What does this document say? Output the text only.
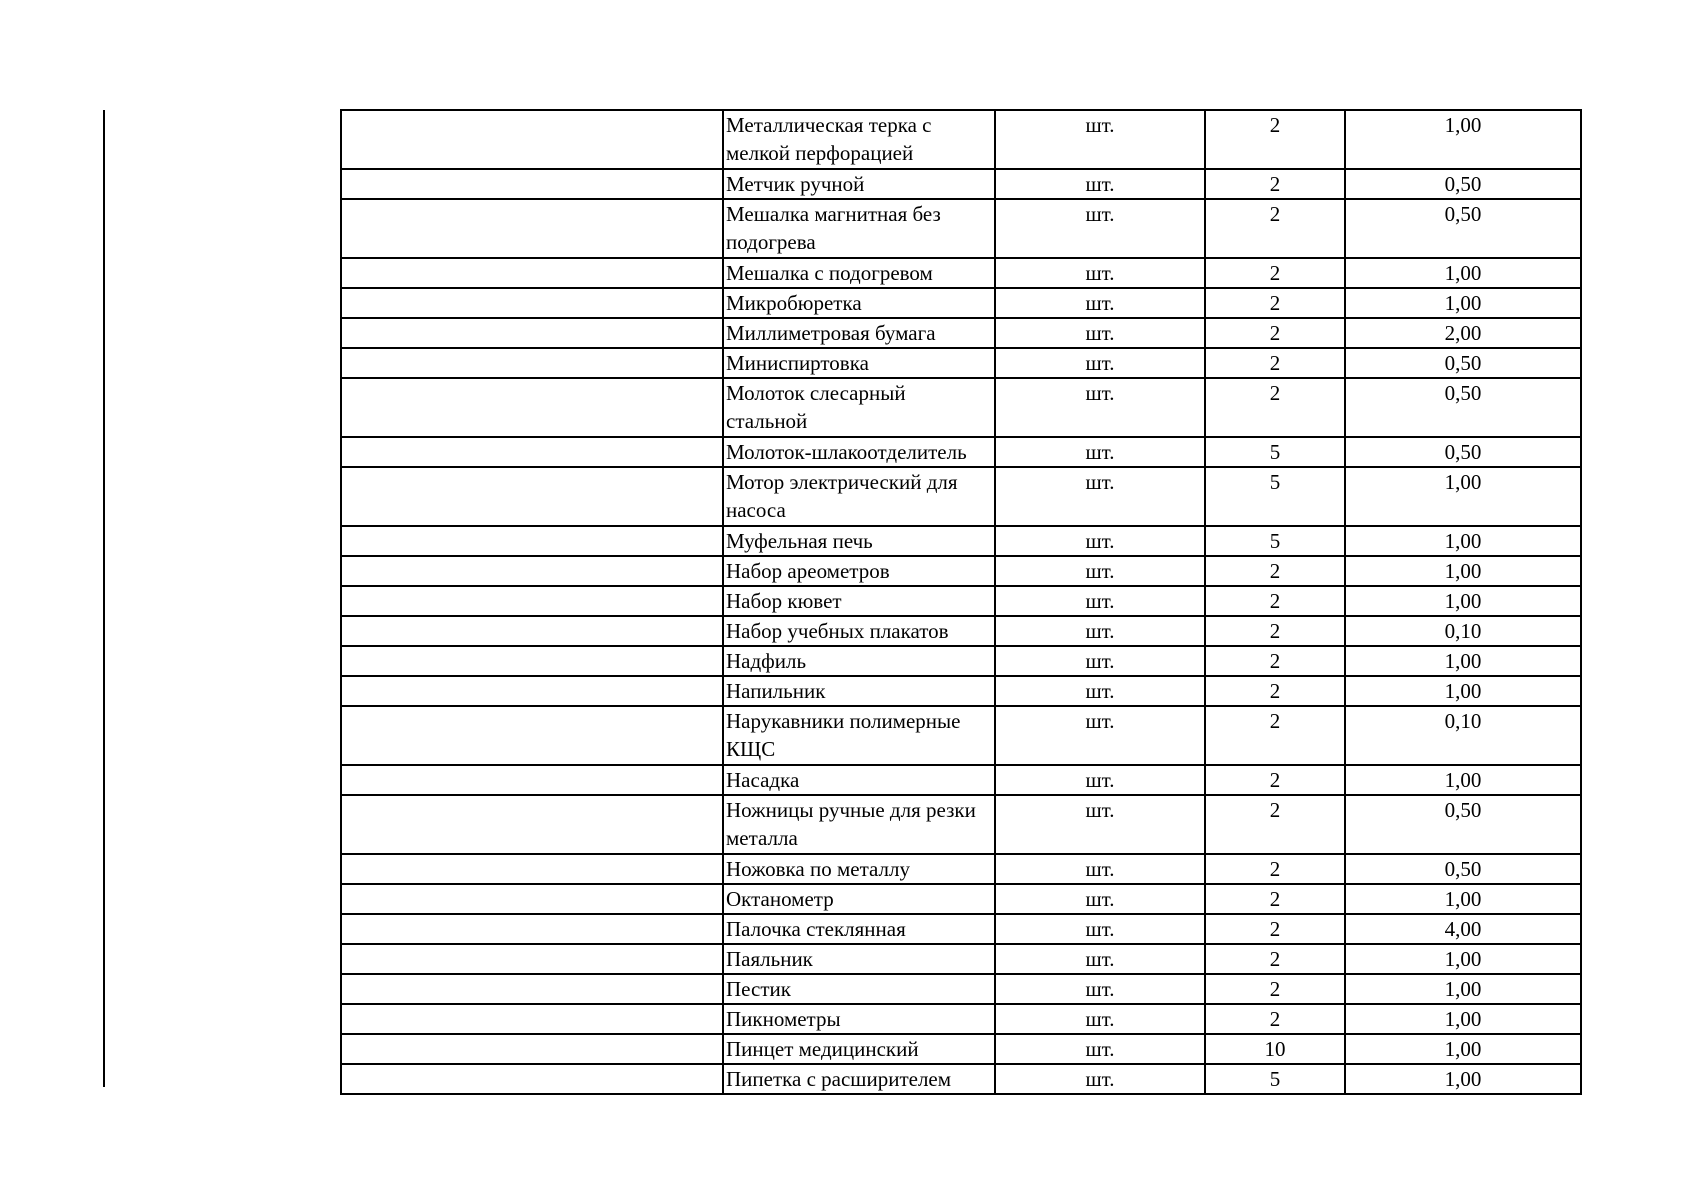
	Металлическая терка с мелкой перфорацией	шт.	2	1,00
	Метчик ручной	шт.	2	0,50
	Мешалка магнитная без подогрева	шт.	2	0,50
	Мешалка с подогревом	шт.	2	1,00
	Микробюретка	шт.	2	1,00
	Миллиметровая бумага	шт.	2	2,00
	Миниспиртовка	шт.	2	0,50
	Молоток слесарный стальной	шт.	2	0,50
	Молоток-шлакоотделитель	шт.	5	0,50
	Мотор электрический для насоса	шт.	5	1,00
	Муфельная печь	шт.	5	1,00
	Набор ареометров	шт.	2	1,00
	Набор кювет	шт.	2	1,00
	Набор учебных плакатов	шт.	2	0,10
	Надфиль	шт.	2	1,00
	Напильник	шт.	2	1,00
	Нарукавники полимерные КЩС	шт.	2	0,10
	Насадка	шт.	2	1,00
	Ножницы ручные для резки металла	шт.	2	0,50
	Ножовка по металлу	шт.	2	0,50
	Октанометр	шт.	2	1,00
	Палочка стеклянная	шт.	2	4,00
	Паяльник	шт.	2	1,00
	Пестик	шт.	2	1,00
	Пикнометры	шт.	2	1,00
	Пинцет медицинский	шт.	10	1,00
	Пипетка с расширителем	шт.	5	1,00
